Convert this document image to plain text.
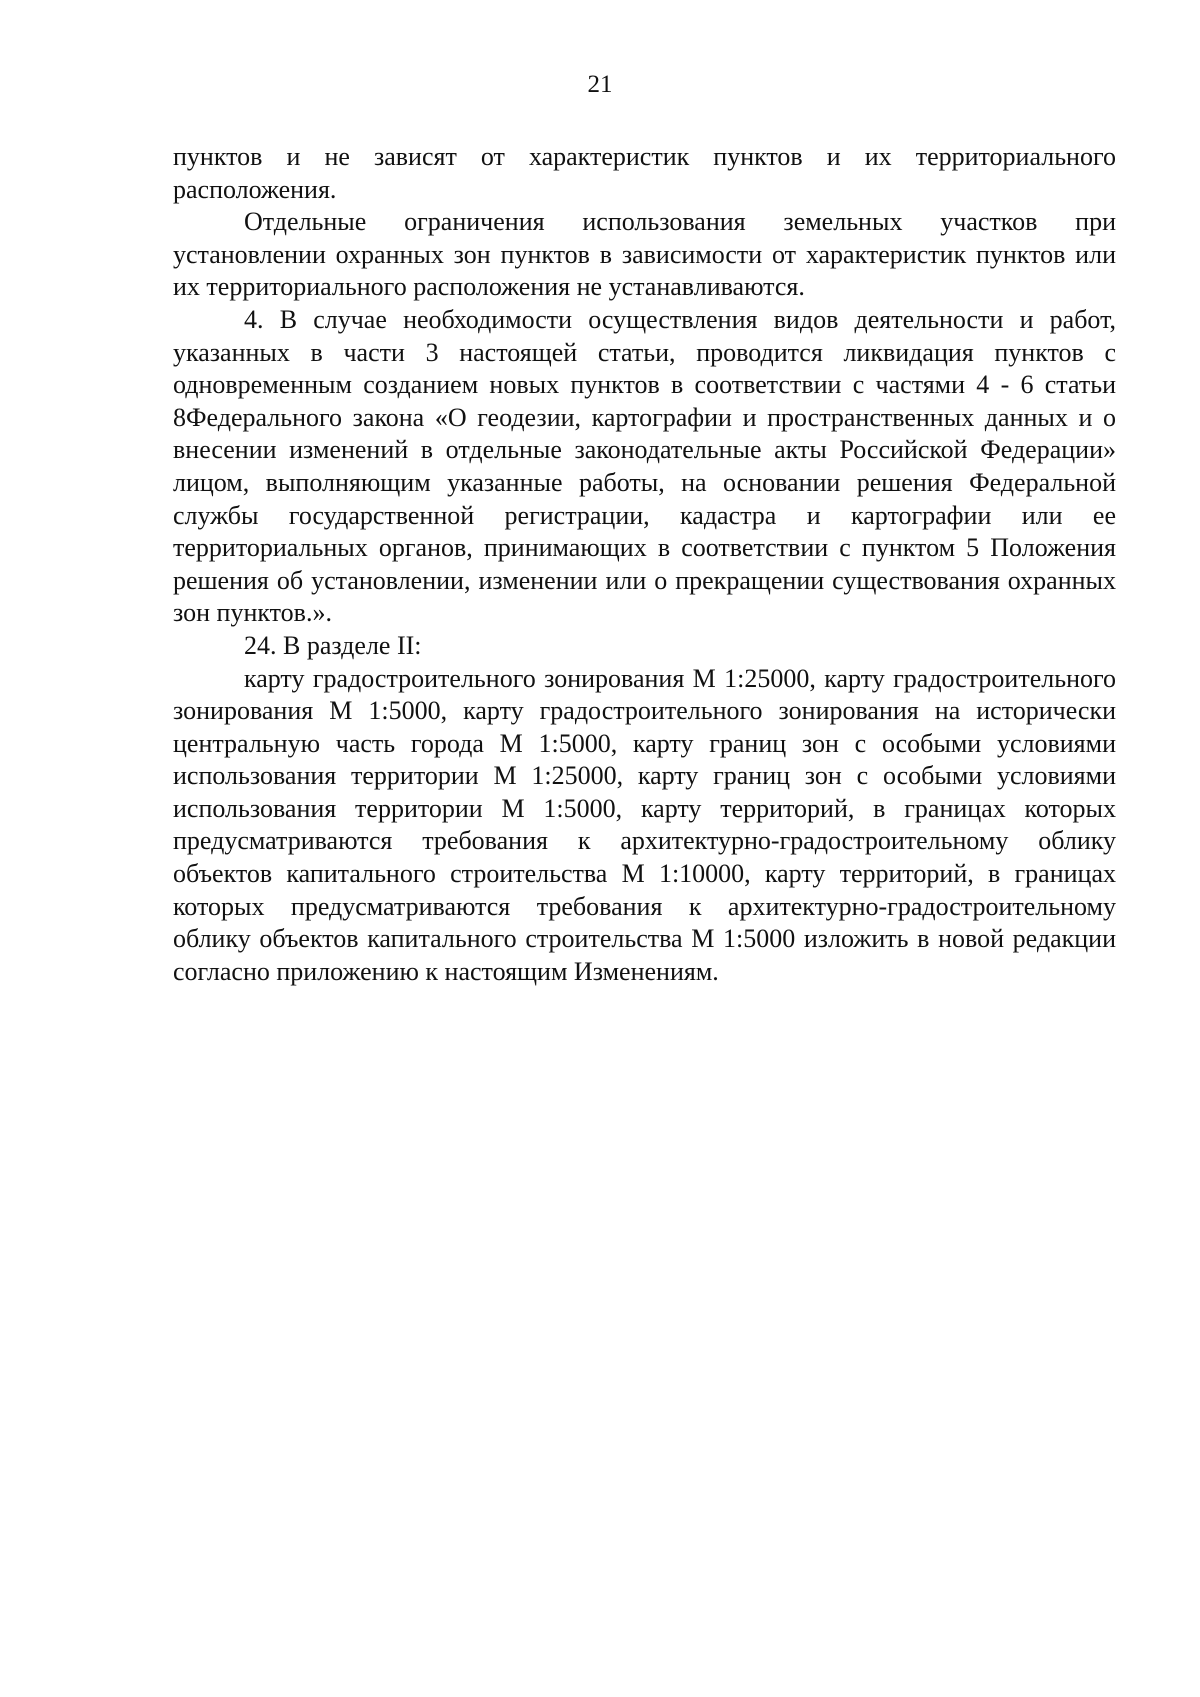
21

пунктов и не зависят от характеристик пунктов и их территориального расположения.

Отдельные ограничения использования земельных участков при установлении охранных зон пунктов в зависимости от характеристик пунктов или их территориального расположения не устанавливаются.

4. В случае необходимости осуществления видов деятельности и работ, указанных в части 3 настоящей статьи, проводится ликвидация пунктов с одновременным созданием новых пунктов в соответствии с частями 4 - 6 статьи 8Федерального закона «О геодезии, картографии и пространственных данных и о внесении изменений в отдельные законодательные акты Российской Федерации» лицом, выполняющим указанные работы, на основании решения Федеральной службы государственной регистрации, кадастра и картографии или ее территориальных органов, принимающих в соответствии с пунктом 5 Положения решения об установлении, изменении или о прекращении существования охранных зон пунктов.».

24. В разделе II:

карту градостроительного зонирования М 1:25000, карту градостроительного зонирования М 1:5000, карту градостроительного зонирования на исторически центральную часть города М 1:5000, карту границ зон с особыми условиями использования территории М 1:25000, карту границ зон с особыми условиями использования территории М 1:5000, карту территорий, в границах которых предусматриваются требования к архитектурно-градостроительному облику объектов капитального строительства М 1:10000, карту территорий, в границах которых предусматриваются требования к архитектурно-градостроительному облику объектов капитального строительства М 1:5000 изложить в новой редакции согласно приложению к настоящим Изменениям.
